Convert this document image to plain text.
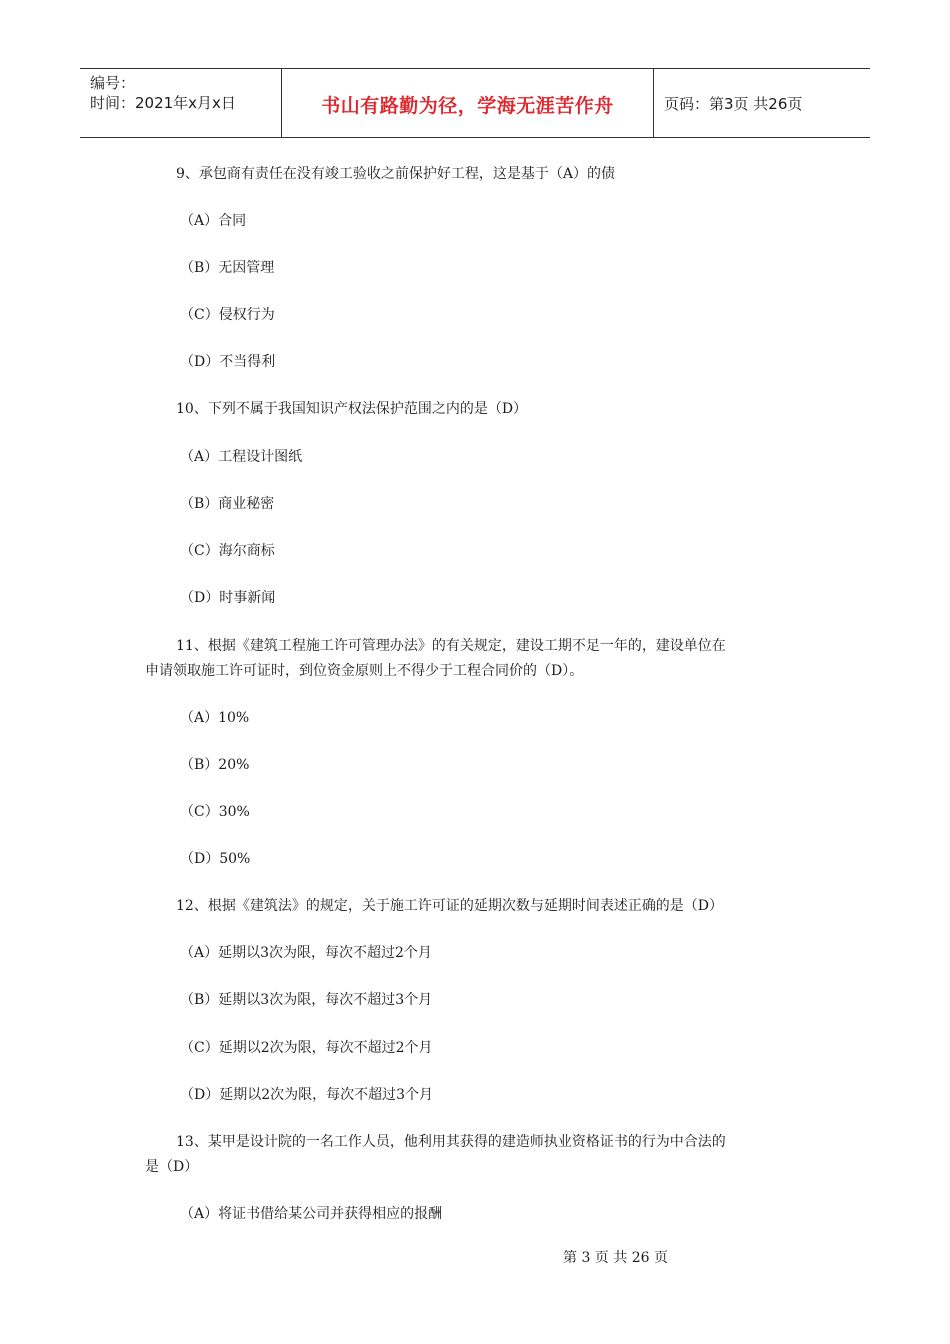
编号：
时间：2021年x月x日	书山有路勤为径，学海无涯苦作舟	页码：第3页 共26页
9、承包商有责任在没有竣工验收之前保护好工程，这是基于（A）的债
（A）合同
（B）无因管理
（C）侵权行为
（D）不当得利
10、下列不属于我国知识产权法保护范围之内的是（D）
（A）工程设计图纸
（B）商业秘密
（C）海尔商标
（D）时事新闻
11、根据《建筑工程施工许可管理办法》的有关规定，建设工期不足一年的，建设单位在
申请领取施工许可证时，到位资金原则上不得少于工程合同价的（D）。
（A）10%
（B）20%
（C）30%
（D）50%
12、根据《建筑法》的规定，关于施工许可证的延期次数与延期时间表述正确的是（D）
（A）延期以3次为限，每次不超过2个月
（B）延期以3次为限，每次不超过3个月
（C）延期以2次为限，每次不超过2个月
（D）延期以2次为限，每次不超过3个月
13、某甲是设计院的一名工作人员，他利用其获得的建造师执业资格证书的行为中合法的
是（D）
（A）将证书借给某公司并获得相应的报酬
第 3 页 共 26 页
